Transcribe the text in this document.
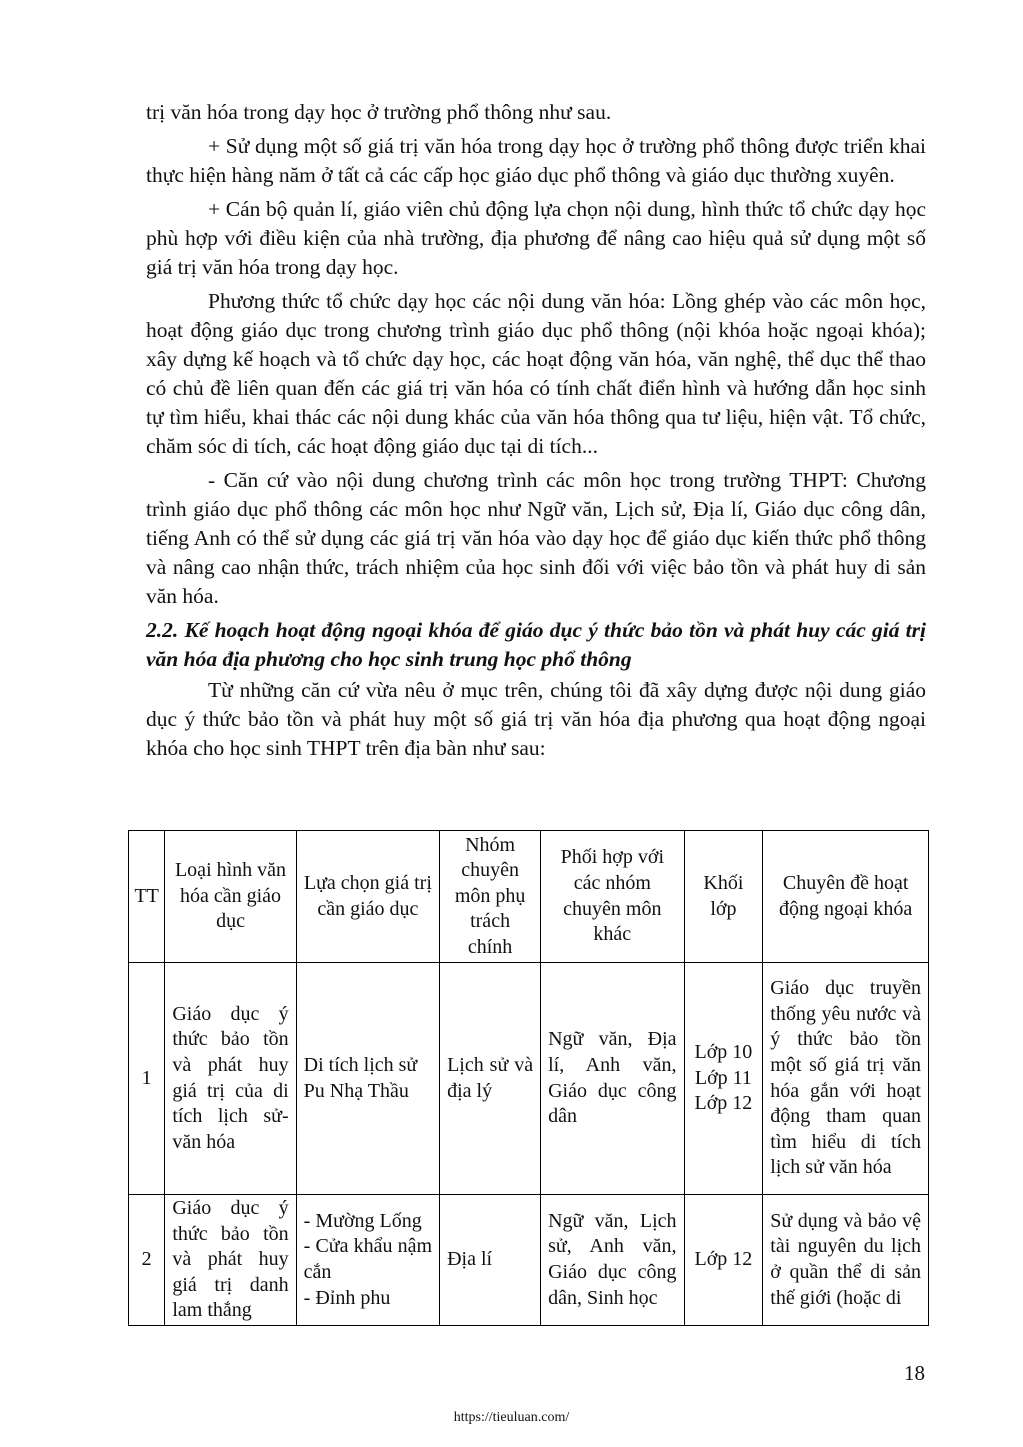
trị văn hóa trong dạy học ở trường phổ thông như sau.

+ Sử dụng một số giá trị văn hóa trong dạy học ở trường phổ thông được triển khai thực hiện hàng năm ở tất cả các cấp học giáo dục phổ thông và giáo dục thường xuyên.

+ Cán bộ quản lí, giáo viên chủ động lựa chọn nội dung, hình thức tổ chức dạy học phù hợp với điều kiện của nhà trường, địa phương để nâng cao hiệu quả sử dụng một số giá trị văn hóa trong dạy học.

Phương thức tổ chức dạy học các nội dung văn hóa: Lồng ghép vào các môn học, hoạt động giáo dục trong chương trình giáo dục phổ thông (nội khóa hoặc ngoại khóa); xây dựng kế hoạch và tổ chức dạy học, các hoạt động văn hóa, văn nghệ, thể dục thể thao có chủ đề liên quan đến các giá trị văn hóa có tính chất điển hình và hướng dẫn học sinh tự tìm hiểu, khai thác các nội dung khác của văn hóa thông qua tư liệu, hiện vật. Tổ chức, chăm sóc di tích, các hoạt động giáo dục tại di tích...

- Căn cứ vào nội dung chương trình các môn học trong trường THPT: Chương trình giáo dục phổ thông các môn học như Ngữ văn, Lịch sử, Địa lí, Giáo dục công dân, tiếng Anh có thể sử dụng các giá trị văn hóa vào dạy học để giáo dục kiến thức phổ thông và nâng cao nhận thức, trách nhiệm của học sinh đối với việc bảo tồn và phát huy di sản văn hóa.

2.2. Kế hoạch hoạt động ngoại khóa để giáo dục ý thức bảo tồn và phát huy các giá trị văn hóa địa phương cho học sinh trung học phổ thông

Từ những căn cứ vừa nêu ở mục trên, chúng tôi đã xây dựng được nội dung giáo dục ý thức bảo tồn và phát huy một số giá trị văn hóa địa phương qua hoạt động ngoại khóa cho học sinh THPT trên địa bàn như sau:

TT	Loại hình văn hóa cần giáo dục	Lựa chọn giá trị cần giáo dục	Nhóm chuyên môn phụ trách chính	Phối hợp với các nhóm chuyên môn khác	Khối lớp	Chuyên đề hoạt động ngoại khóa
1	Giáo dục ý thức bảo tồn và phát huy giá trị của di tích lịch sử-văn hóa	Di tích lịch sử Pu Nhạ Thầu	Lịch sử và địa lý	Ngữ văn, Địa lí, Anh văn, Giáo dục công dân	Lớp 10
Lớp 11
Lớp 12	Giáo dục truyền thống yêu nước và ý thức bảo tồn một số giá trị văn hóa gắn với hoạt động tham quan tìm hiểu di tích lịch sử văn hóa
2	Giáo dục ý thức bảo tồn và phát huy giá trị danh lam thắng	- Mường Lống
- Cửa khẩu nậm cắn
- Đỉnh phu	Địa lí	Ngữ văn, Lịch sử, Anh văn, Giáo dục công dân, Sinh học	Lớp 12	Sử dụng và bảo vệ tài nguyên du lịch ở quần thể di sản thế giới (hoặc di
18
https://tieuluan.com/
